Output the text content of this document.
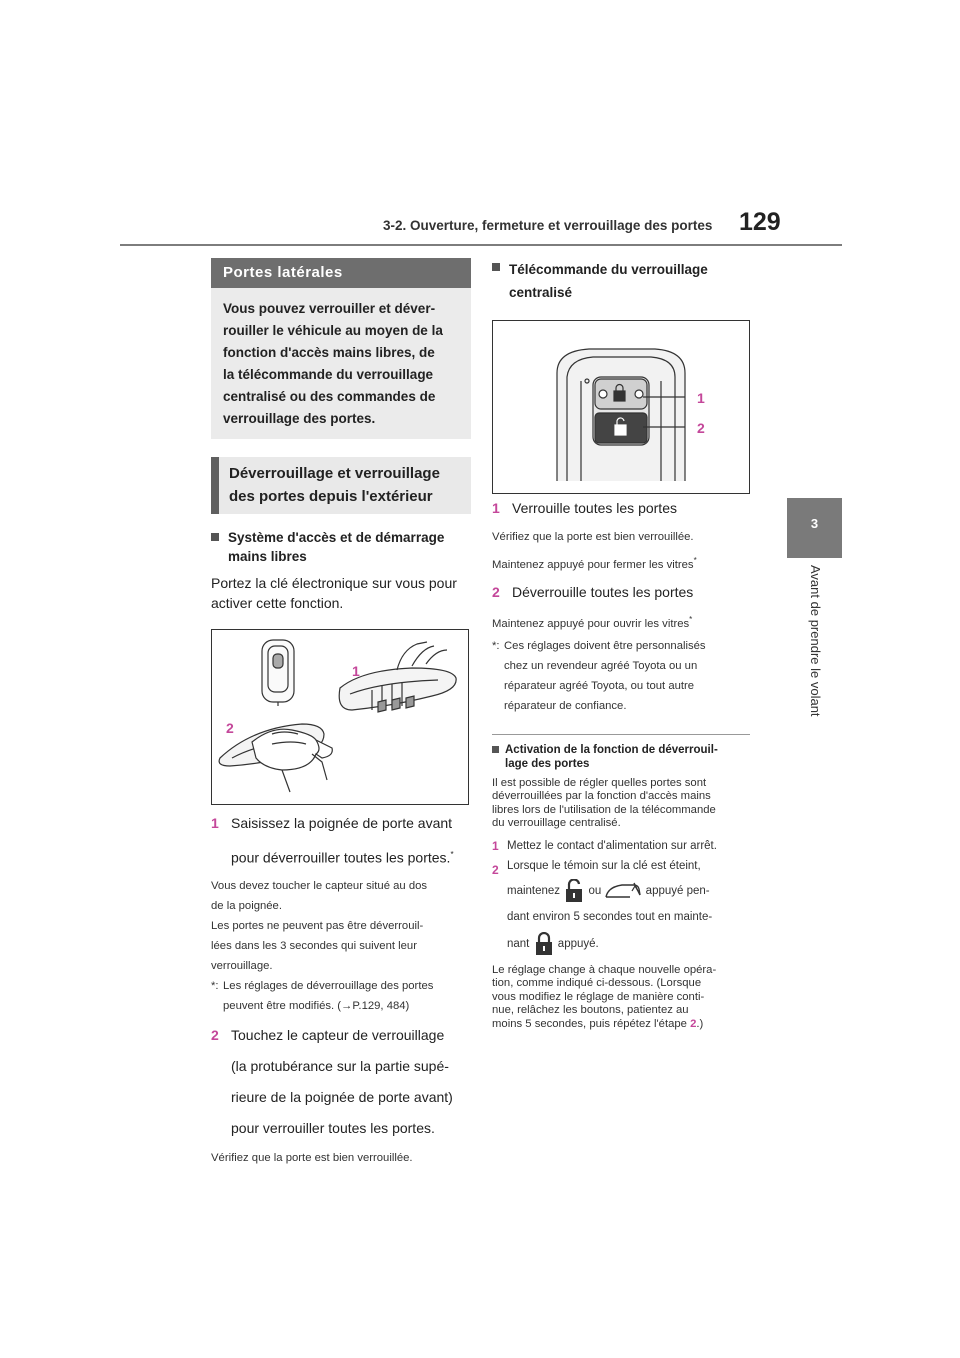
3-2. Ouverture, fermeture et verrouillage des portes 129
3
Avant de prendre le volant
Portes latérales
Vous pouvez verrouiller et déver-
rouiller le véhicule au moyen de la
fonction d'accès mains libres, de
la télécommande du verrouillage
centralisé ou des commandes de
verrouillage des portes.
Déverrouillage et verrouillage
des portes depuis l'extérieur
Système d'accès et de démarrage
mains libres
Portez la clé électronique sur vous pour
activer cette fonction.
1
2
1 Saisissez la poignée de porte avant
pour déverrouiller toutes les portes.*
Vous devez toucher le capteur situé au dos
de la poignée.
Les portes ne peuvent pas être déverrouil-
lées dans les 3 secondes qui suivent leur
verrouillage.
*: Les réglages de déverrouillage des portes
peuvent être modifiés. (→P.129, 484)
2 Touchez le capteur de verrouillage
(la protubérance sur la partie supé-
rieure de la poignée de porte avant)
pour verrouiller toutes les portes.
Vérifiez que la porte est bien verrouillée.
Télécommande du verrouillage
centralisé
1
2
1 Verrouille toutes les portes
Vérifiez que la porte est bien verrouillée.
Maintenez appuyé pour fermer les vitres*
2 Déverrouille toutes les portes
Maintenez appuyé pour ouvrir les vitres*
*: Ces réglages doivent être personnalisés
chez un revendeur agréé Toyota ou un
réparateur agréé Toyota, ou tout autre
réparateur de confiance.
Activation de la fonction de déverrouil-
lage des portes
Il est possible de régler quelles portes sont
déverrouillées par la fonction d'accès mains
libres lors de l'utilisation de la télécommande
du verrouillage centralisé.
1 Mettez le contact d'alimentation sur arrêt.
2 Lorsque le témoin sur la clé est éteint,
maintenez ou	appuyé pen-
dant environ 5 secondes tout en mainte-
nant appuyé.
Le réglage change à chaque nouvelle opéra-
tion, comme indiqué ci-dessous. (Lorsque
vous modifiez le réglage de manière conti-
nue, relâchez les boutons, patientez au
moins 5 secondes, puis répétez l'étape 2.)
